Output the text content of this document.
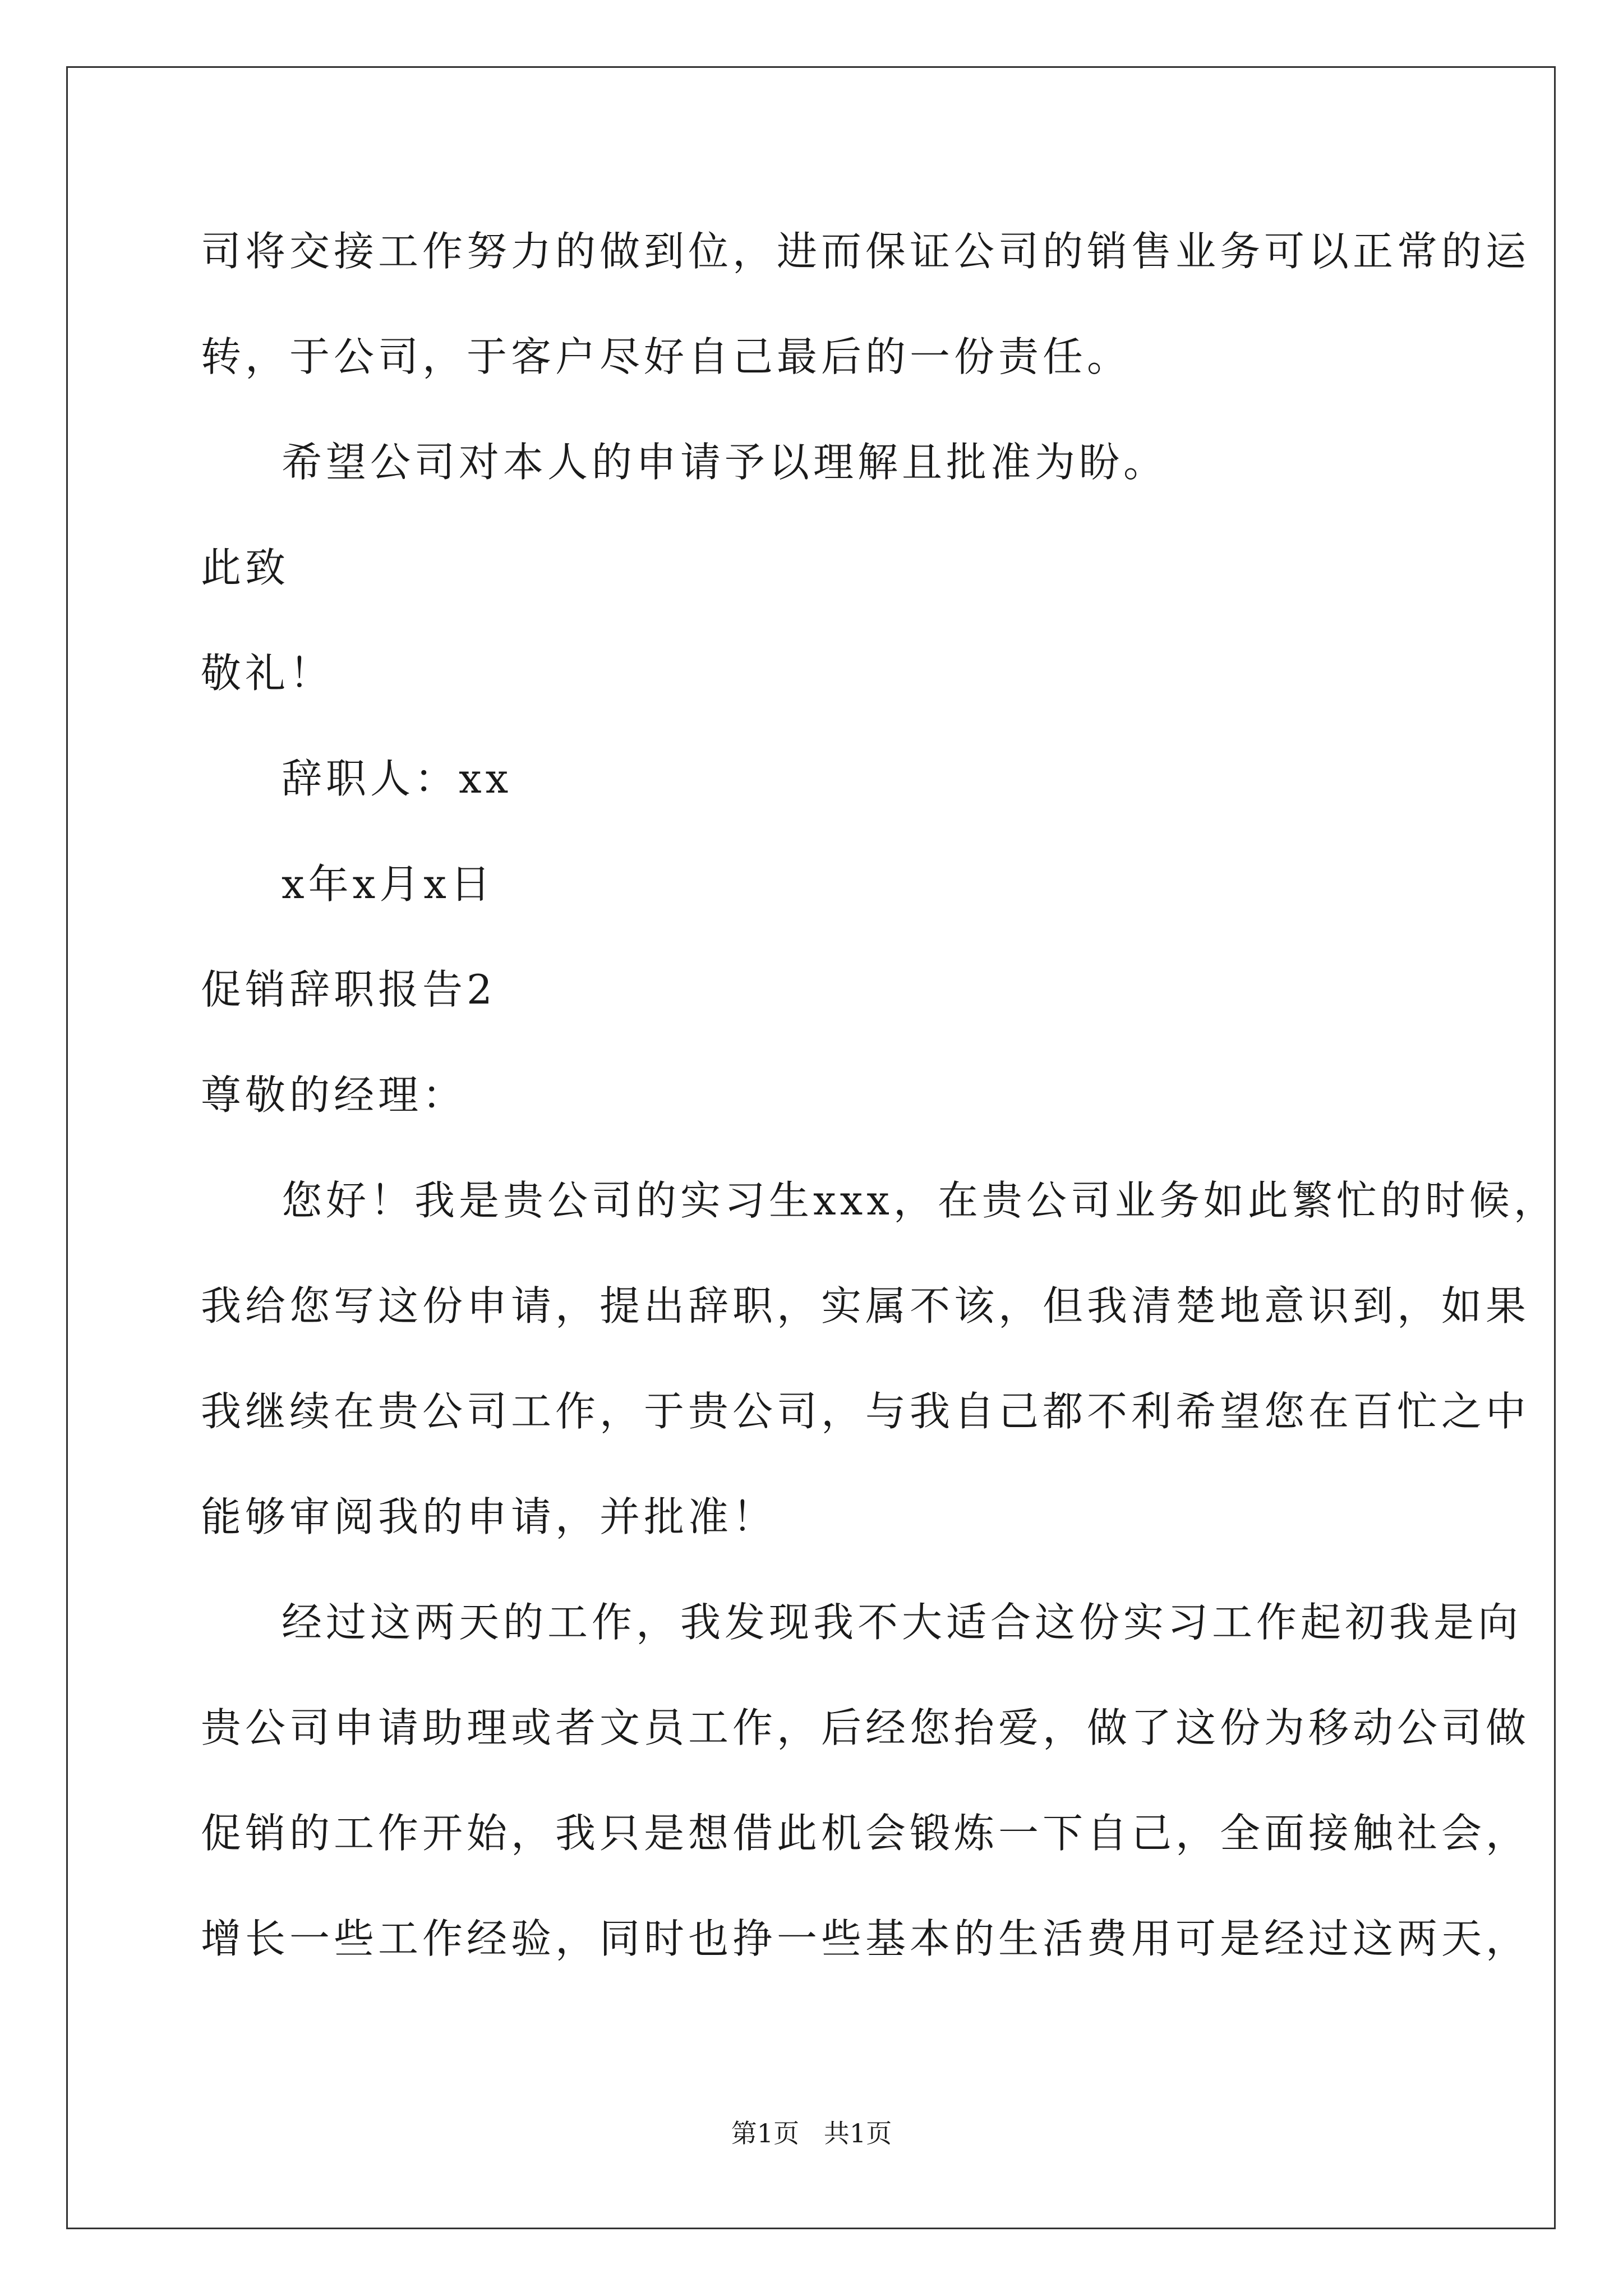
司将交接工作努力的做到位，进而保证公司的销售业务可以正常的运
转，于公司，于客户尽好自己最后的一份责任。
希望公司对本人的申请予以理解且批准为盼。
此致
敬礼！
辞职人：xx
x年x月x日
促销辞职报告2
尊敬的经理：
您好！我是贵公司的实习生xxx，在贵公司业务如此繁忙的时候，
我给您写这份申请，提出辞职，实属不该，但我清楚地意识到，如果
我继续在贵公司工作，于贵公司，与我自己都不利希望您在百忙之中
能够审阅我的申请，并批准！
经过这两天的工作，我发现我不大适合这份实习工作起初我是向
贵公司申请助理或者文员工作，后经您抬爱，做了这份为移动公司做
促销的工作开始，我只是想借此机会锻炼一下自己，全面接触社会，
增长一些工作经验，同时也挣一些基本的生活费用可是经过这两天，
第1页   共1页
